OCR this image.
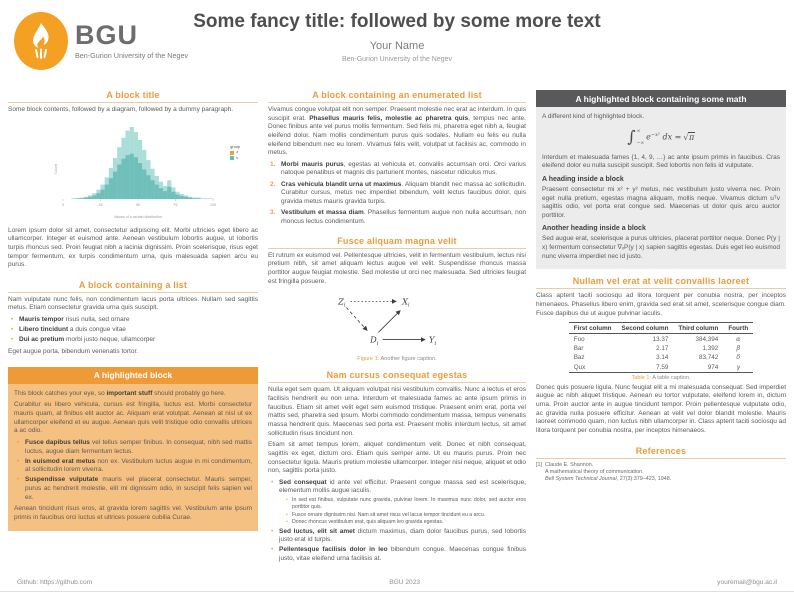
BGU
Ben-Gurion University of the Negev
Some fancy title: followed by some more text
Your Name
Ben-Gurion University of the Negev
A block title

Some block contents, followed by a diagram, followed by a dummy paragraph.

Count
0	25	50	75	100
Values of a certain distribution
group
a
b

Lorem ipsum dolor sit amet, consectetur adipiscing elit. Morbi ultricies eget libero ac ullamcorper. Integer et euismod ante. Aenean vestibulum lobortis augue, ut lobortis turpis rhoncus sed. Proin feugiat nibh a lacinia dignissim. Proin scelerisque, risus eget tempor fermentum, ex turpis condimentum urna, quis malesuada sapien arcu eu purus.

A block containing a list

Nam vulputate nunc felis, non condimentum lacus porta ultrices. Nullam sed sagittis metus. Etiam consectetur gravida urna quis suscipit.

• Mauris tempor risus nulla, sed ornare
• Libero tincidunt a duis congue vitae
• Dui ac pretium morbi justo neque, ullamcorper

Eget augue porta, bibendum venenatis tortor.

A highlighted block

This block catches your eye, so important stuff should probably go here.

Curabitur eu libero vehicula, cursus est fringilla, luctus est. Morbi consectetur mauris quam, at finibus elit auctor ac. Aliquam erat volutpat. Aenean at nisl ut ex ullamcorper eleifend et eu augue. Aenean quis velit tristique odio convallis ultrices a ac odio.

• Fusce dapibus tellus vel tellus semper finibus. In consequat, nibh sed mattis luctus, augue diam fermentum lectus.
• In euismod erat metus non ex. Vestibulum luctus augue in mi condimentum, at sollicitudin lorem viverra.
• Suspendisse vulputate mauris vel placerat consectetur. Mauris semper, purus ac hendrerit molestie, elit mi dignissim odio, in suscipit felis sapien vel ex.

Aenean tincidunt risus eros, at gravida lorem sagittis vel. Vestibulum ante ipsum primis in faucibus orci luctus et ultrices posuere cubilia Curae.

A block containing an enumerated list

Vivamus congue volutpat elit non semper. Praesent molestie nec erat ac interdum. In quis suscipit erat. Phasellus mauris felis, molestie ac pharetra quis, tempus nec ante. Donec finibus ante vel purus mollis fermentum. Sed felis mi, pharetra eget nibh a, feugiat eleifend dolor. Nam mollis condimentum purus quis sodales. Nullam eu felis eu nulla eleifend bibendum nec eu lorem. Vivamus felis velit, volutpat ut facilisis ac, commodo in metus.

1. Morbi mauris purus, egestas at vehicula et, convallis accumsan orci. Orci varius natoque penatibus et magnis dis parturient montes, nascetur ridiculus mus.
2. Cras vehicula blandit urna ut maximus. Aliquam blandit nec massa ac sollicitudin. Curabitur cursus, metus nec imperdiet bibendum, velit lectus faucibus dolor, quis gravida metus mauris gravida turpis.
3. Vestibulum et massa diam. Phasellus fermentum augue non nulla accumsan, non rhoncus lectus condimentum.
Fusce aliquam magna velit

Et rutrum ex euismod vel. Pellentesque ultricies, velit in fermentum vestibulum, lectus nisi pretium nibh, sit amet aliquam lectus augue vel velit. Suspendisse rhoncus massa porttitor augue feugiat molestie. Sed molestie ut orci nec malesuada. Sed ultricies feugiat est fringilla posuere.

$Z_i$	$X_i$
$D_i$	$Y_i$
Figure 1: Another figure caption.
Nam cursus consequat egestas

Nulla eget sem quam. Ut aliquam volutpat nisi vestibulum convallis. Nunc a lectus et eros facilisis hendrerit eu non urna. Interdum et malesuada fames ac ante ipsum primis in faucibus. Etiam sit amet velit eget sem euismod tristique. Praesent enim erat, porta vel mattis sed, pharetra sed ipsum. Morbi commodo condimentum massa, tempus venenatis massa hendrerit quis. Maecenas sed porta est. Praesent mollis interdum lectus, sit amet sollicitudin risus tincidunt non.

Etiam sit amet tempus lorem, aliquet condimentum velit. Donec et nibh consequat, sagittis ex eget, dictum orci. Etiam quis semper ante. Ut eu mauris purus. Proin nec consectetur ligula. Mauris pretium molestie ullamcorper. Integer nisi neque, aliquet et odio non, sagittis porta justo.

• Sed consequat id ante vel efficitur. Praesent congue massa sed est scelerisque, elementum mollis augue iaculis.
• In sed est finibus, vulputate nunc gravida, pulvinar lorem. In maximus nunc dolor, sed auctor eros porttitor quis.
• Fusce ornare dignissim nisi. Nam sit amet risus vel lacus tempor tincidunt eu a arcu.
• Donec rhoncus vestibulum erat, quis aliquam leo gravida egestas.
• Sed luctus, elit sit amet dictum maximus, diam dolor faucibus purus, sed lobortis justo erat id turpis.
• Pellentesque facilisis dolor in leo bibendum congue. Maecenas congue finibus justo, vitae eleifend urna facilisis at.
A highlighted block containing some math

A different kind of highlighted block.

∫ ∞
−∞
$e^{-x^2}$ dx = √ π

Interdum et malesuada fames {1, 4, 9, …} ac ante ipsum primis in faucibus. Cras eleifend dolor eu nulla suscipit suscipit. Sed lobortis non felis id vulputate.

A heading inside a block

Praesent consectetur mi x² + y² metus, nec vestibulum justo viverra nec. Proin eget nulla pretium, egestas magna aliquam, mollis neque. Vivamus dictum uᵀv sagittis odio, vel porta erat congue sed. Maecenas ut dolor quis arcu auctor porttitor.

Another heading inside a block

Sed augue erat, scelerisque a purus ultricies, placerat porttitor neque. Donec P(y | x) fermentum consectetur ∇ₓP(y | x) sapien sagittis egestas. Duis eget leo euismod nunc viverra imperdiet nec id justo.

Nullam vel erat at velit convallis laoreet

Class aptent taciti sociosqu ad litora torquent per conubia nostra, per inceptos himenaeos. Phasellus libero enim, gravida sed erat sit amet, scelerisque congue diam. Fusce dapibus dui ut augue pulvinar iaculis.

First column	Second column	Third column	Fourth
Foo	13.37	384,394	α
Bar	2.17	1,392	β
Baz	3.14	83,742	δ
Qux	7.59	974	γ
Table 1: A table caption.

Donec quis posuere ligula. Nunc feugiat elit a mi malesuada consequat. Sed imperdiet augue ac nibh aliquet tristique. Aenean eu tortor vulputate, eleifend lorem in, dictum urna. Proin auctor ante in augue tincidunt tempor. Proin pellentesque vulputate odio, ac gravida nulla posuere efficitur. Aenean at velit vel dolor blandit molestie. Mauris laoreet commodo quam, non luctus nibh ullamcorper in. Class aptent taciti sociosqu ad litora torquent per conubia nostra, per inceptos himenaeos.

References
[1] Claude E. Shannon.
A mathematical theory of communication.
Bell System Technical Journal, 27(3):379–423, 1948.
Github: https://github.com	BGU 2023	youremail@bgu.ac.il
